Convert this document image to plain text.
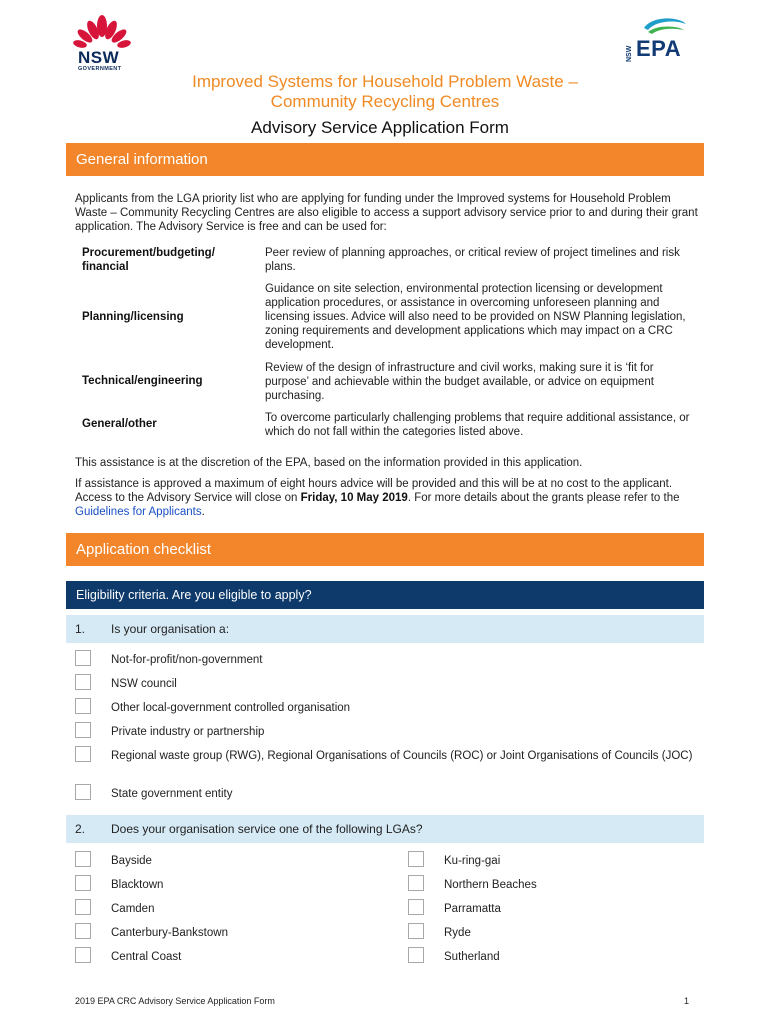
NSW
GOVERNMENT
EPA
NSW
Improved Systems for Household Problem Waste –
Community Recycling Centres
Advisory Service Application Form
General information
Applicants from the LGA priority list who are applying for funding under the Improved systems for Household Problem Waste – Community Recycling Centres are also eligible to access a support advisory service prior to and during their grant application. The Advisory Service is free and can be used for:
Procurement/budgeting/ financial
Peer review of planning approaches, or critical review of project timelines and risk plans.
Planning/licensing
Guidance on site selection, environmental protection licensing or development application procedures, or assistance in overcoming unforeseen planning and licensing issues. Advice will also need to be provided on NSW Planning legislation, zoning requirements and development applications which may impact on a CRC development.
Technical/engineering
Review of the design of infrastructure and civil works, making sure it is ‘fit for purpose’ and achievable within the budget available, or advice on equipment purchasing.
General/other	To overcome particularly challenging problems that require additional assistance, or which do not fall within the categories listed above.
This assistance is at the discretion of the EPA, based on the information provided in this application.
If assistance is approved a maximum of eight hours advice will be provided and this will be at no cost to the applicant. Access to the Advisory Service will close on Friday, 10 May 2019. For more details about the grants please refer to the Guidelines for Applicants.
Application checklist
Eligibility criteria. Are you eligible to apply?
1. Is your organisation a:
Not-for-profit/non-government
NSW council
Other local-government controlled organisation
Private industry or partnership
Regional waste group (RWG), Regional Organisations of Councils (ROC) or Joint Organisations of Councils (JOC)
State government entity
2. Does your organisation service one of the following LGAs?
Bayside
Blacktown
Camden
Canterbury-Bankstown
Central Coast
Ku-ring-gai
Northern Beaches
Parramatta
Ryde
Sutherland
2019 EPA CRC Advisory Service Application Form	1
